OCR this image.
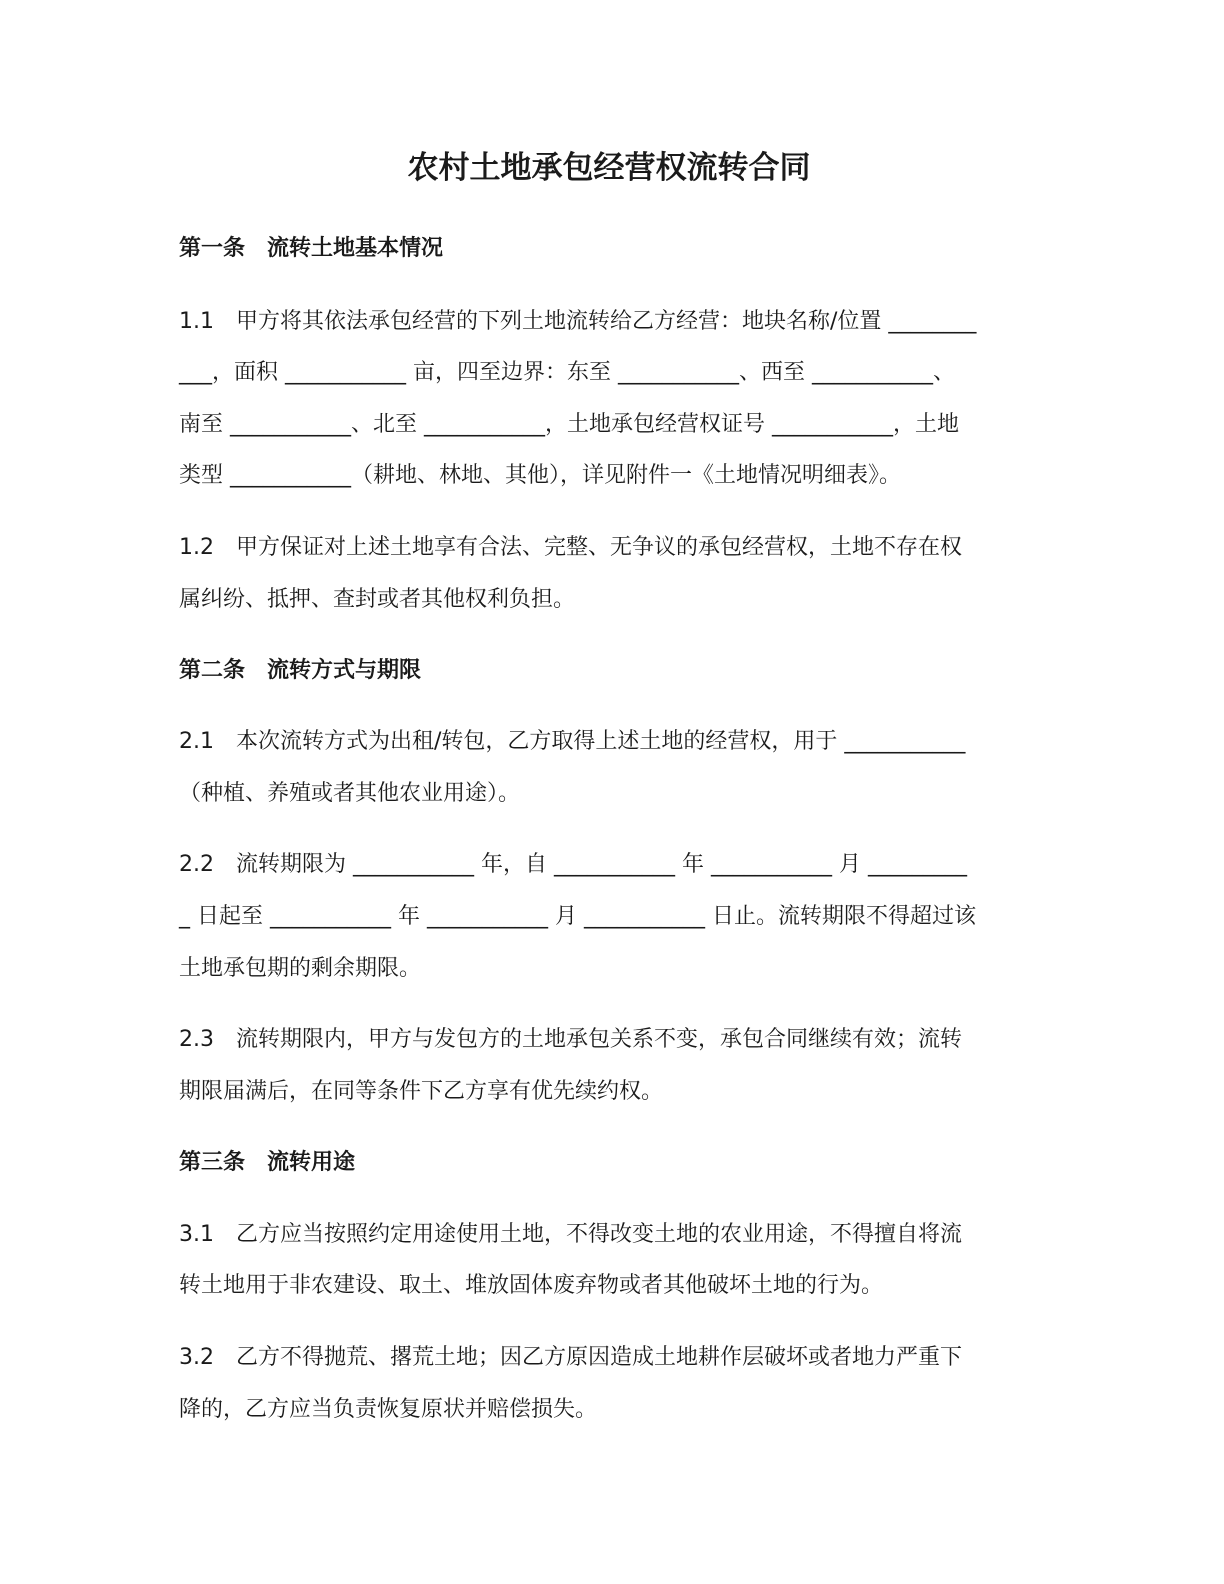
农村土地承包经营权流转合同
第一条　流转土地基本情况
1.1　甲方将其依法承包经营的下列土地流转给乙方经营：地块名称/位置 ________
___，面积 ___________ 亩，四至边界：东至 ___________、西至 ___________、
南至 ___________、北至 ___________，土地承包经营权证号 ___________，土地
类型 ___________（耕地、林地、其他），详见附件一《土地情况明细表》。
1.2　甲方保证对上述土地享有合法、完整、无争议的承包经营权，土地不存在权
属纠纷、抵押、查封或者其他权利负担。
第二条　流转方式与期限
2.1　本次流转方式为出租/转包，乙方取得上述土地的经营权，用于 ___________
（种植、养殖或者其他农业用途）。
2.2　流转期限为 ___________ 年，自 ___________ 年 ___________ 月 _________
_ 日起至 ___________ 年 ___________ 月 ___________ 日止。流转期限不得超过该
土地承包期的剩余期限。
2.3　流转期限内，甲方与发包方的土地承包关系不变，承包合同继续有效；流转
期限届满后，在同等条件下乙方享有优先续约权。
第三条　流转用途
3.1　乙方应当按照约定用途使用土地，不得改变土地的农业用途，不得擅自将流
转土地用于非农建设、取土、堆放固体废弃物或者其他破坏土地的行为。
3.2　乙方不得抛荒、撂荒土地；因乙方原因造成土地耕作层破坏或者地力严重下
降的，乙方应当负责恢复原状并赔偿损失。
